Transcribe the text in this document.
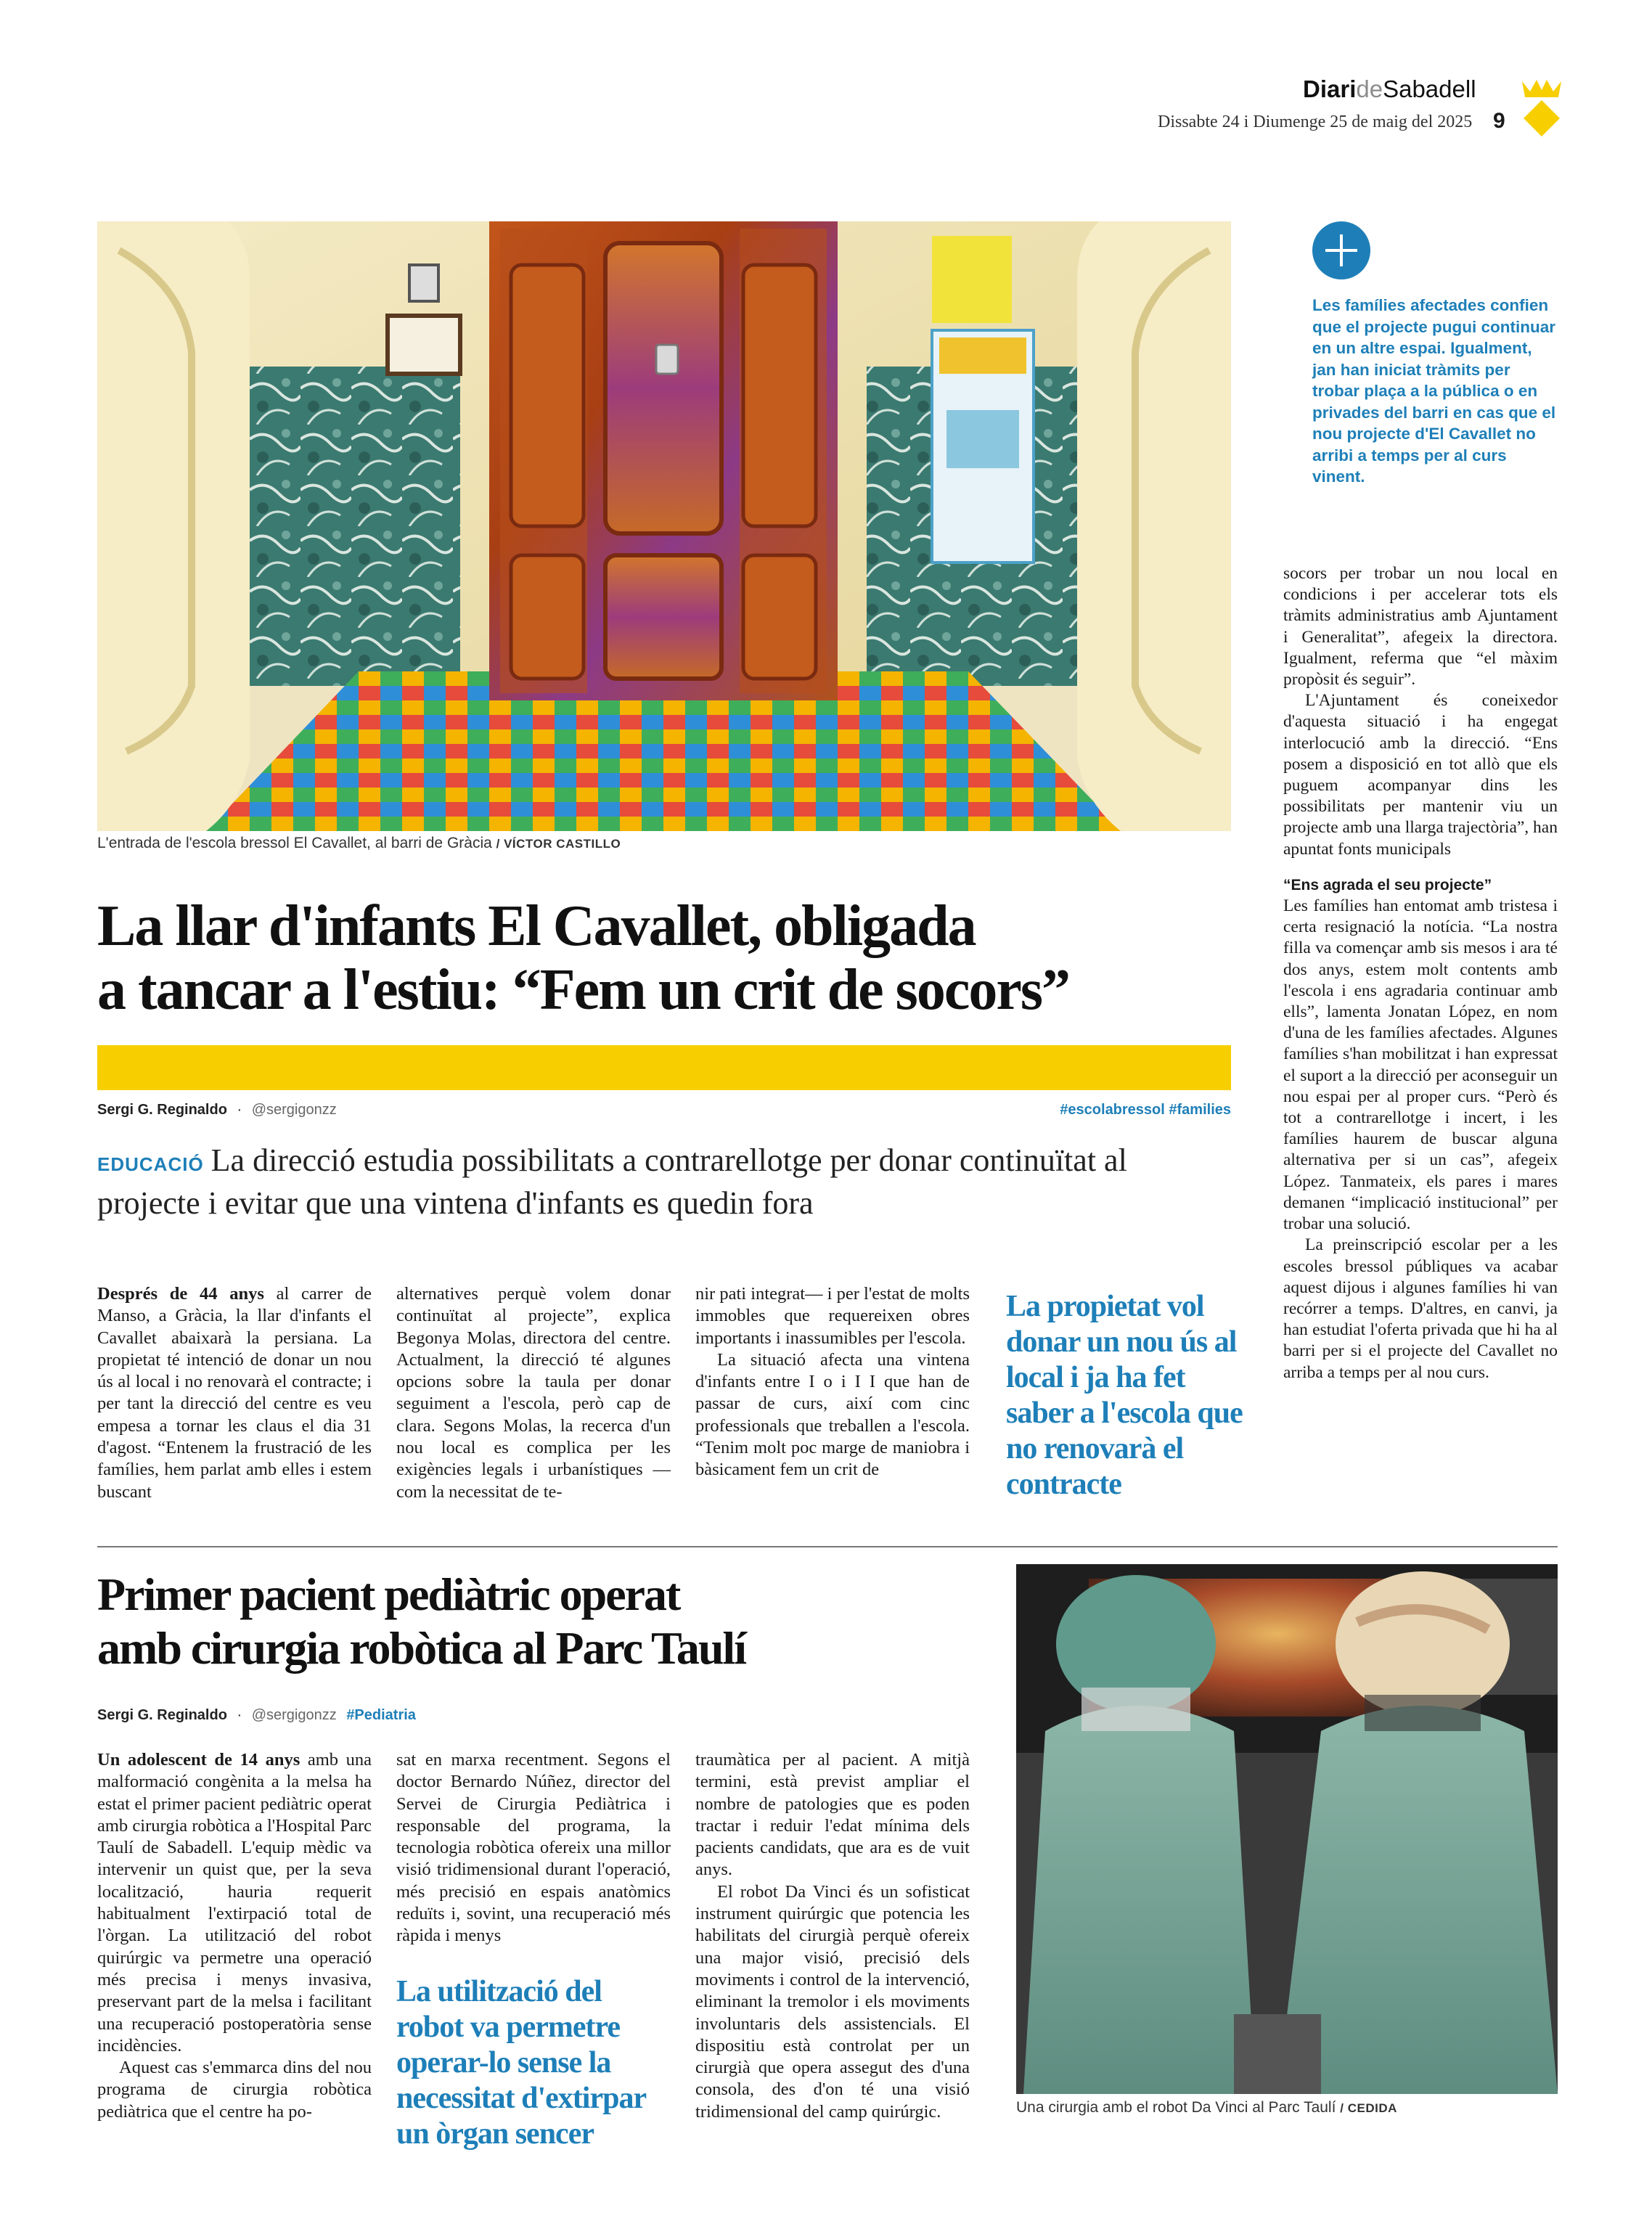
DiarideSabadell
Dissabte 24 i Diumenge 25 de maig del 2025 9
L'entrada de l'escola bressol El Cavallet, al barri de Gràcia / VÍCTOR CASTILLO
Les famílies afectades confien que el projecte pugui continuar en un altre espai. Igualment, jan han iniciat tràmits per trobar plaça a la pública o en privades del barri en cas que el nou projecte d'El Cavallet no arribi a temps per al curs vinent.

socors per trobar un nou local en condicions i per accelerar tots els tràmits administratius amb Ajuntament i Generalitat”, afegeix la directora. Igualment, referma que “el màxim propòsit és seguir”.

L'Ajuntament és coneixedor d'aquesta situació i ha engegat interlocució amb la direcció. “Ens posem a disposició en tot allò que els puguem acompanyar dins les possibilitats per mantenir viu un projecte amb una llarga trajectòria”, han apuntat fonts municipals

“Ens agrada el seu projecte”

Les famílies han entomat amb tristesa i certa resignació la notícia. “La nostra filla va començar amb sis mesos i ara té dos anys, estem molt contents amb l'escola i ens agradaria continuar amb ells”, lamenta Jonatan López, en nom d'una de les famílies afectades. Algunes famílies s'han mobilitzat i han expressat el suport a la direcció per aconseguir un nou espai per al proper curs. “Però és tot a contrarellotge i incert, i les famílies haurem de buscar alguna alternativa per si un cas”, afegeix López. Tanmateix, els pares i mares demanen “implicació institucional” per trobar una solució.

La preinscripció escolar per a les escoles bressol públiques va acabar aquest dijous i algunes famílies hi van recórrer a temps. D'altres, en canvi, ja han estudiat l'oferta privada que hi ha al barri per si el projecte del Cavallet no arriba a temps per al nou curs.

La llar d'infants El Cavallet, obligada
a tancar a l'estiu: “Fem un crit de socors”
Sergi G. Reginaldo · @sergigonzz	#escolabressol #families
EDUCACIÓ La direcció estudia possibilitats a contrarellotge per donar continuïtat al projecte i evitar que una vintena d'infants es quedin fora

Després de 44 anys al carrer de Manso, a Gràcia, la llar d'infants el Cavallet abaixarà la persiana. La propietat té intenció de donar un nou ús al local i no renovarà el contracte; i per tant la direcció del centre es veu empesa a tornar les claus el dia 31 d'agost. “Entenem la frustració de les famílies, hem parlat amb elles i estem buscant

alternatives perquè volem donar continuïtat al projecte”, explica Begonya Molas, directora del centre. Actualment, la direcció té algunes opcions sobre la taula per donar seguiment a l'escola, però cap de clara. Segons Molas, la recerca d'un nou local es complica per les exigències legals i urbanístiques —com la necessitat de te-

nir pati integrat— i per l'estat de molts immobles que requereixen obres importants i inassumibles per l'escola.

La situació afecta una vintena d'infants entre I o i I I que han de passar de curs, així com cinc professionals que treballen a l'escola. “Tenim molt poc marge de maniobra i bàsicament fem un crit de

La propietat vol donar un nou ús al local i ja ha fet saber a l'escola que no renovarà el contracte
Primer pacient pediàtric operat
amb cirurgia robòtica al Parc Taulí
Sergi G. Reginaldo · @sergigonzz #Pediatria

Un adolescent de 14 anys amb una malformació congènita a la melsa ha estat el primer pacient pediàtric operat amb cirurgia robòtica a l'Hospital Parc Taulí de Sabadell. L'equip mèdic va intervenir un quist que, per la seva localització, hauria requerit habitualment l'extirpació total de l'òrgan. La utilització del robot quirúrgic va permetre una operació més precisa i menys invasiva, preservant part de la melsa i facilitant una recuperació postoperatòria sense incidències.

Aquest cas s'emmarca dins del nou programa de cirurgia robòtica pediàtrica que el centre ha po-

sat en marxa recentment. Segons el doctor Bernardo Núñez, director del Servei de Cirurgia Pediàtrica i responsable del programa, la tecnologia robòtica ofereix una millor visió tridimensional durant l'operació, més precisió en espais anatòmics reduïts i, sovint, una recuperació més ràpida i menys

La utilització del robot va permetre operar-lo sense la necessitat d'extirpar un òrgan sencer

traumàtica per al pacient. A mitjà termini, està previst ampliar el nombre de patologies que es poden tractar i reduir l'edat mínima dels pacients candidats, que ara es de vuit anys.

El robot Da Vinci és un sofisticat instrument quirúrgic que potencia les habilitats del cirurgià perquè ofereix una major visió, precisió dels moviments i control de la intervenció, eliminant la tremolor i els moviments involuntaris dels assistencials. El dispositiu està controlat per un cirurgià que opera assegut des d'una consola, des d'on té una visió tridimensional del camp quirúrgic.	Una cirurgia amb el robot Da Vinci al Parc Taulí / CEDIDA
